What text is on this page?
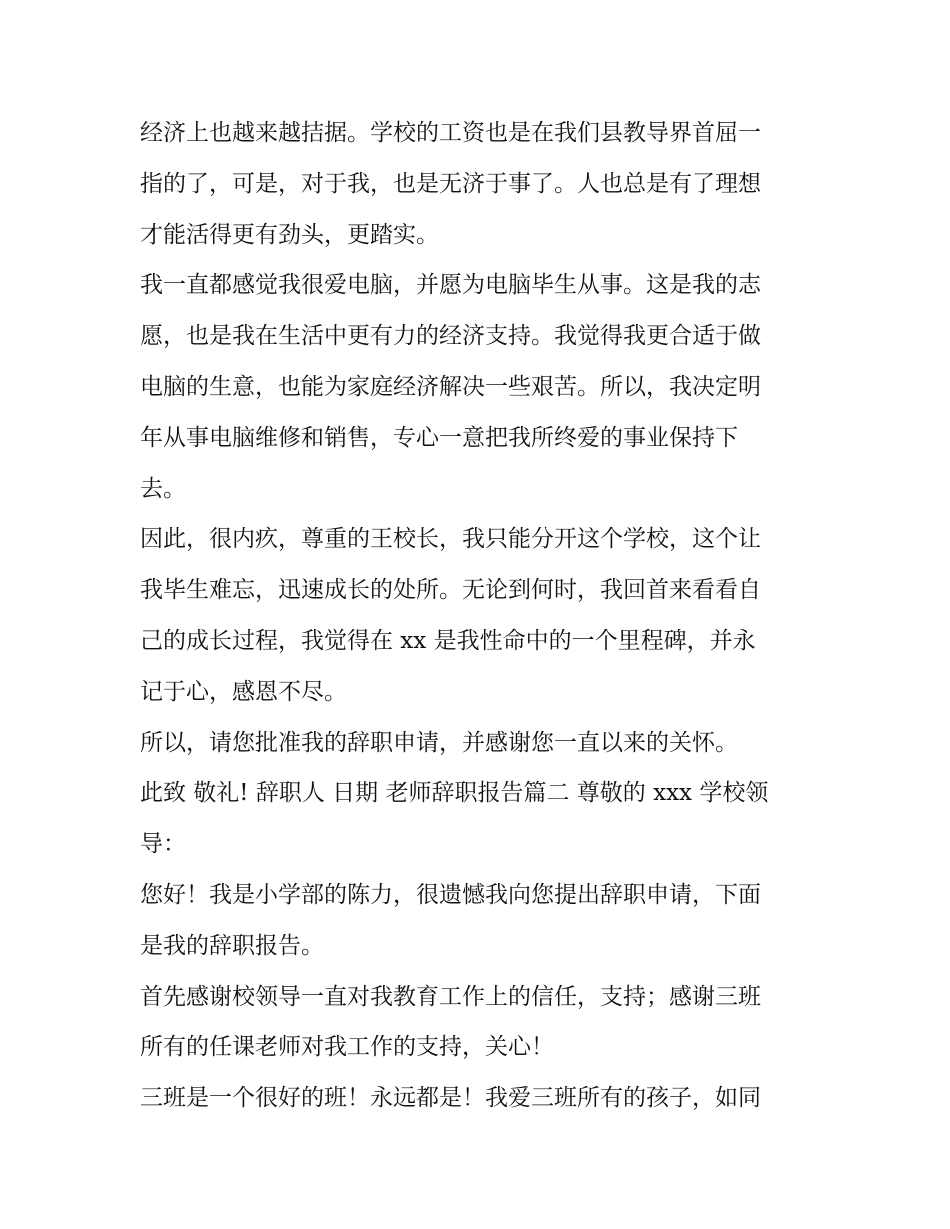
经济上也越来越拮据。学校的工资也是在我们县教导界首屈一
指的了，可是，对于我，也是无济于事了。人也总是有了理想
才能活得更有劲头，更踏实。
我一直都感觉我很爱电脑，并愿为电脑毕生从事。这是我的志
愿，也是我在生活中更有力的经济支持。我觉得我更合适于做
电脑的生意，也能为家庭经济解决一些艰苦。所以，我决定明
年从事电脑维修和销售，专心一意把我所终爱的事业保持下
去。
因此，很内疚，尊重的王校长，我只能分开这个学校，这个让
我毕生难忘，迅速成长的处所。无论到何时，我回首来看看自
己的成长过程，我觉得在 xx 是我性命中的一个里程碑，并永
记于心，感恩不尽。
所以，请您批准我的辞职申请，并感谢您一直以来的关怀。
此致 敬礼! 辞职人 日期 老师辞职报告篇二 尊敬的 xxx 学校领
导：
您好！我是小学部的陈力，很遗憾我向您提出辞职申请，下面
是我的辞职报告。
首先感谢校领导一直对我教育工作上的信任，支持；感谢三班
所有的任课老师对我工作的支持，关心！
三班是一个很好的班！永远都是！我爱三班所有的孩子，如同
